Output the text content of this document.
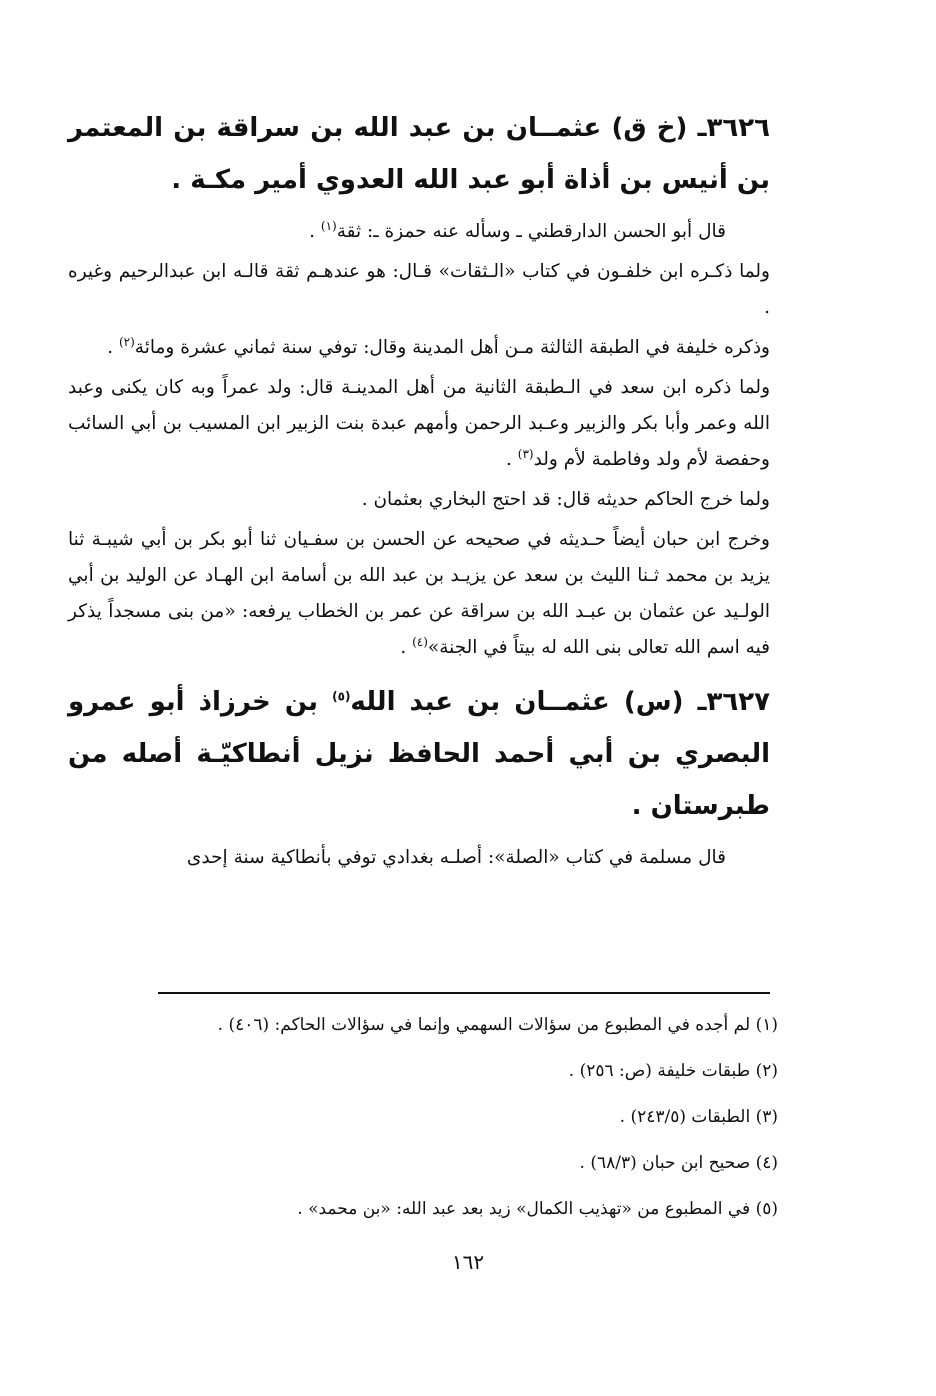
٣٦٢٦ـ (خ ق) عثمــان بن عبد الله بن سراقة بن المعتمر بن أنيس بن أذاة أبو عبد الله العدوي أمير مكـة .

قال أبو الحسن الدارقطني ـ وسأله عنه حمزة ـ: ثقة$^{(١)}$ .

ولما ذكـره ابن خلفـون في كتاب «الـثقات» قـال: هو عندهـم ثقة قالـه ابن عبدالرحيم وغيره .

وذكره خليفة في الطبقة الثالثة مـن أهل المدينة وقال: توفي سنة ثماني عشرة ومائة$^{(٢)}$ .

ولما ذكره ابن سعد في الـطبقة الثانية من أهل المدينـة قال: ولد عمراً وبه كان يكنى وعبد الله وعمر وأبا بكر والزبير وعـبد الرحمن وأمهم عبدة بنت الزبير ابن المسيب بن أبي السائب وحفصة لأم ولد وفاطمة لأم ولد$^{(٣)}$ .

ولما خرج الحاكم حديثه قال: قد احتج البخاري بعثمان .

وخرج ابن حبان أيضاً حـديثه في صحيحه عن الحسن بن سفـيان ثنا أبو بكر بن أبي شيبـة ثنا يزيد بن محمد ثـنا الليث بن سعد عن يزيـد بن عبد الله بن أسامة ابن الهـاد عن الوليد بن أبي الولـيد عن عثمان بن عبـد الله بن سراقة عن عمر بن الخطاب يرفعه: «من بنى مسجداً يذكر فيه اسم الله تعالى بنى الله له بيتاً في الجنة»$^{(٤)}$ .

٣٦٢٧ـ (س) عثمــان بن عبد الله$^{(٥)}$ بن خرزاذ أبو عمرو البصري بن أبي أحمد الحافظ نزيل أنطاكيّـة أصله من طبرستان .

قال مسلمة في كتاب «الصلة»: أصلـه بغدادي توفي بأنطاكية سنة إحدى

(١) لم أجده في المطبوع من سؤالات السهمي وإنما في سؤالات الحاكم: (٤٠٦) .

(٢) طبقات خليفة (ص: ٢٥٦) .

(٣) الطبقات (٢٤٣/٥) .

(٤) صحيح ابن حبان (٦٨/٣) .

(٥) في المطبوع من «تهذيب الكمال» زيد بعد عبد الله: «بن محمد» .

١٦٢
